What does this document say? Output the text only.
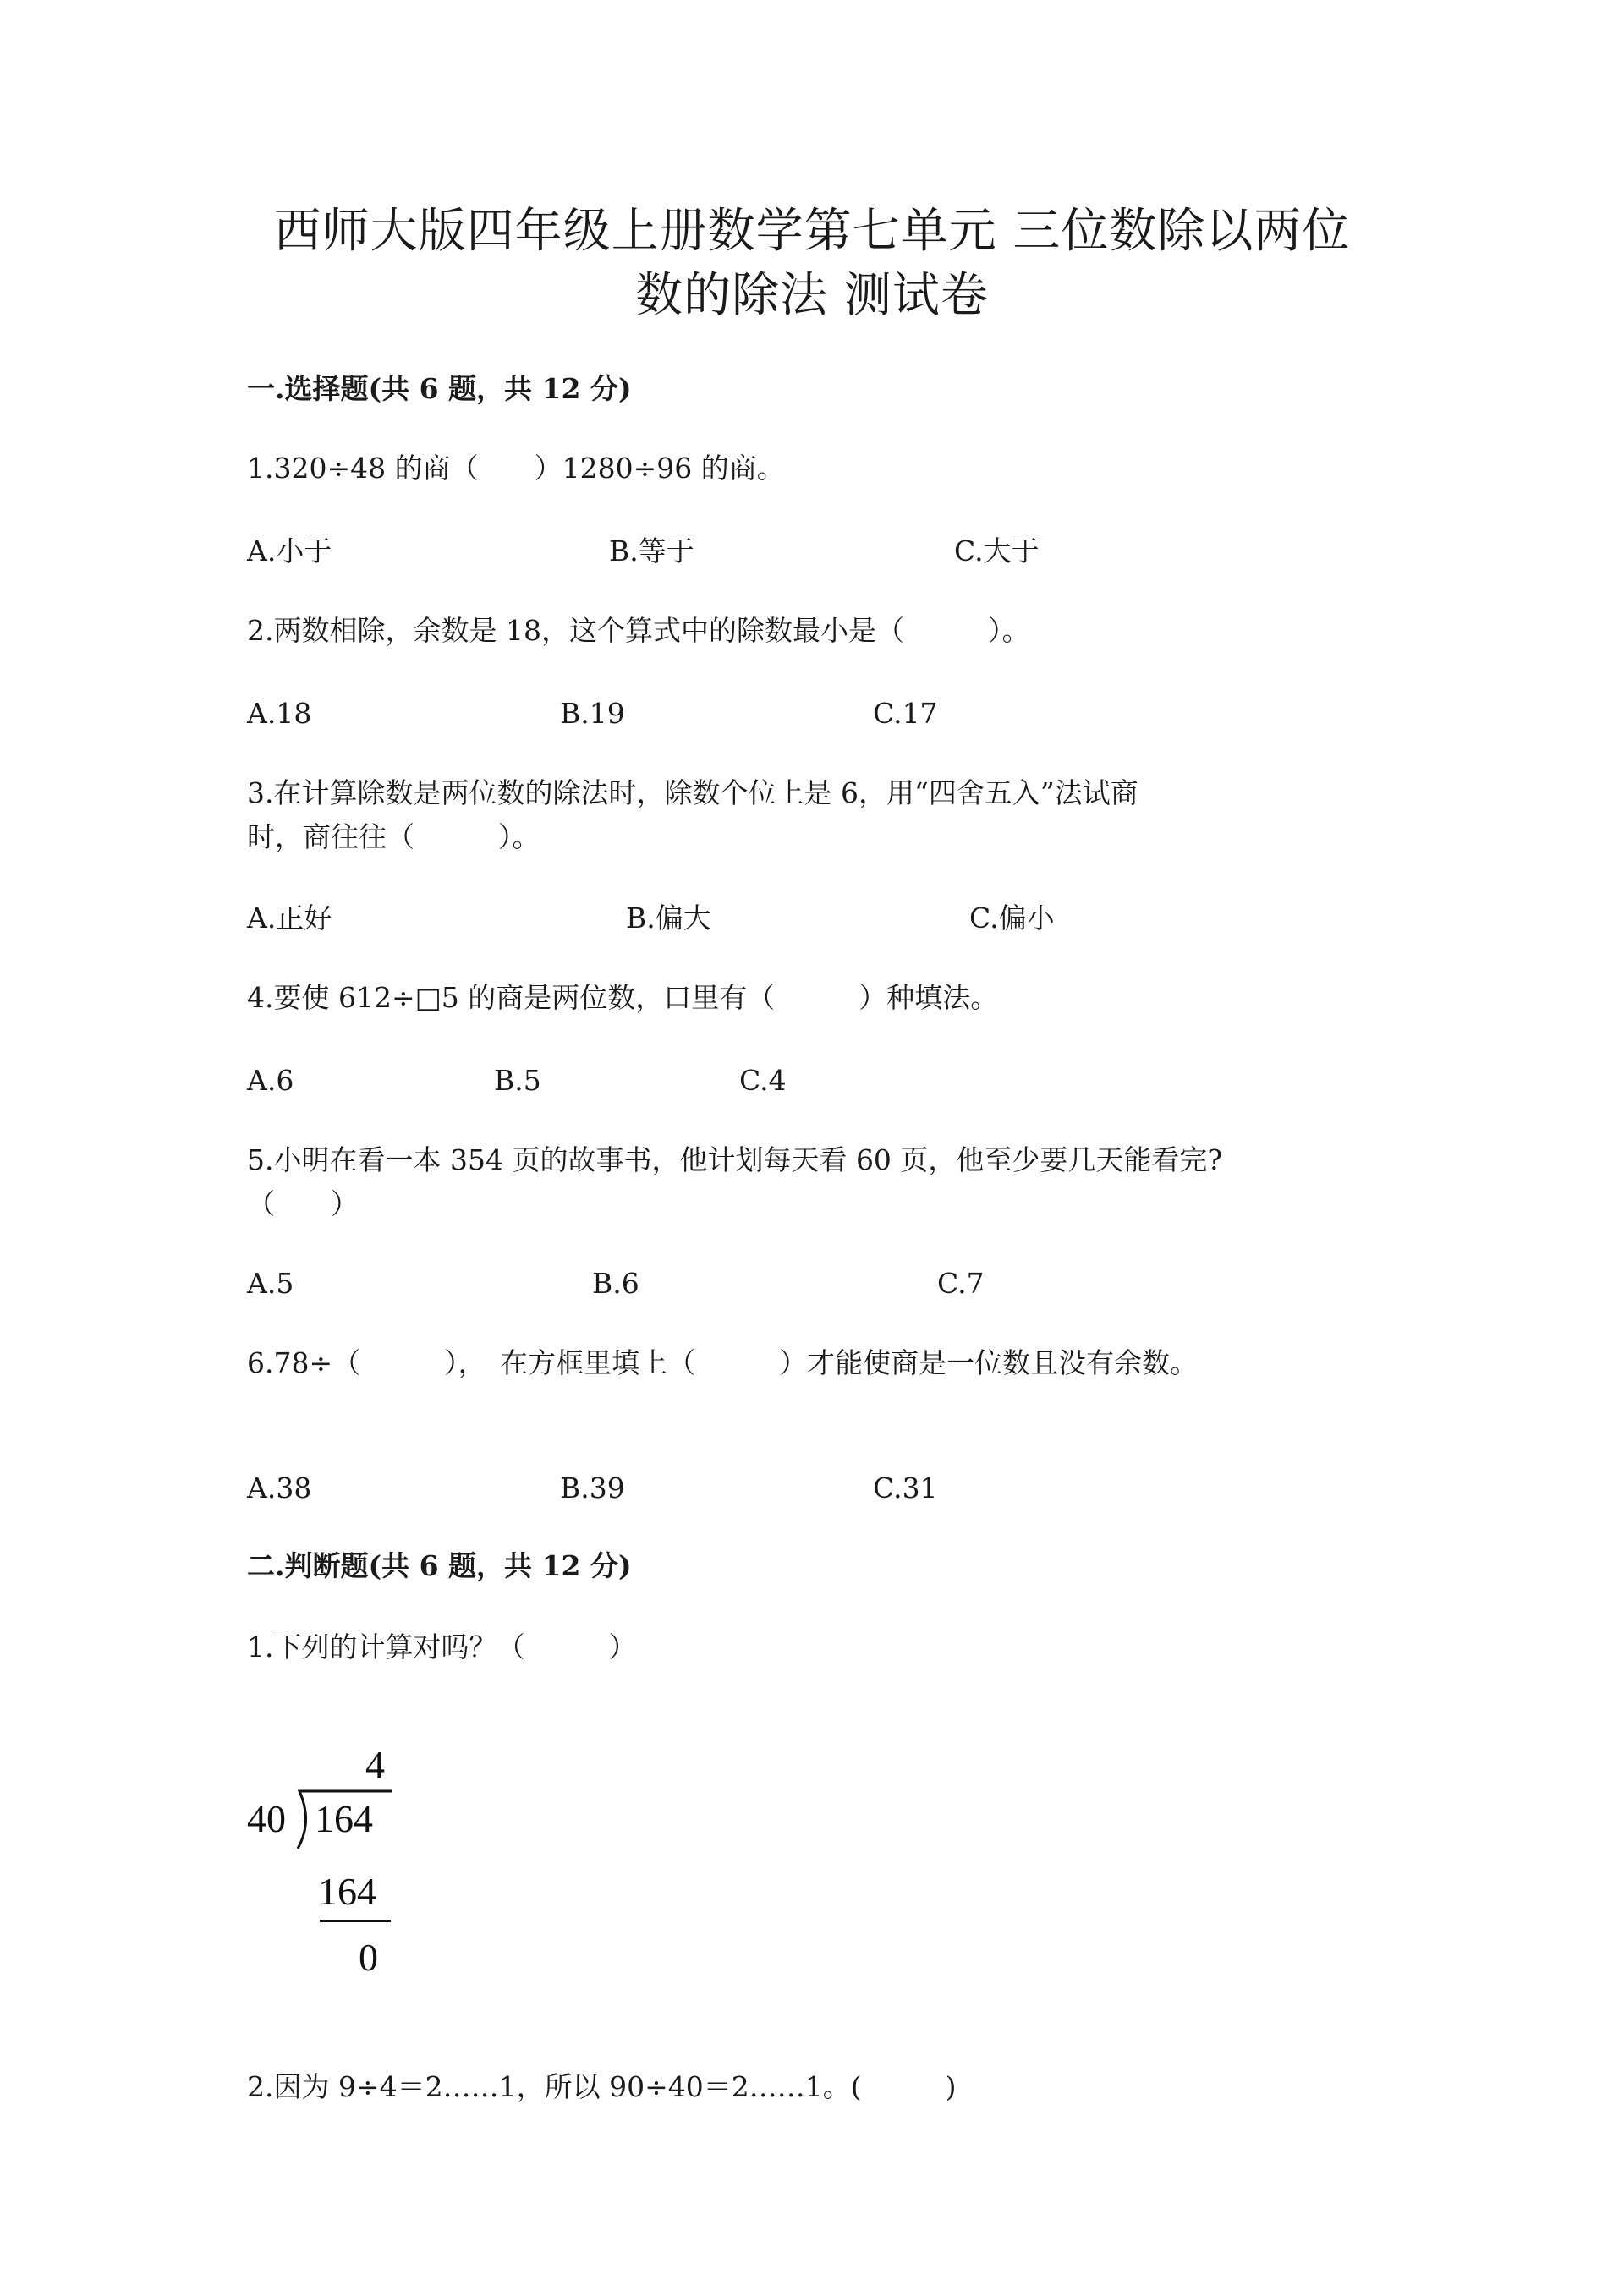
西师大版四年级上册数学第七单元 三位数除以两位
数的除法 测试卷
一.选择题(共 6 题，共 12 分)
1.320÷48 的商（　　）1280÷96 的商。
A.小于	B.等于	C.大于
2.两数相除，余数是 18，这个算式中的除数最小是（　　　）。
A.18	B.19	C.17
3.在计算除数是两位数的除法时，除数个位上是 6，用“四舍五入”法试商
时，商往往（　　　）。
A.正好	B.偏大	C.偏小
4.要使 612÷□5 的商是两位数，口里有（　　　）种填法。
A.6	B.5	C.4
5.小明在看一本 354 页的故事书，他计划每天看 60 页，他至少要几天能看完?
（　　）
A.5	B.6	C.7
6.78÷（　　　），　在方框里填上（　　　）才能使商是一位数且没有余数。
A.38	B.39	C.31
二.判断题(共 6 题，共 12 分)
1.下列的计算对吗？（　　　）
4
40 164
164
0
2.因为 9÷4＝2……1，所以 90÷40＝2……1。(　　　)
